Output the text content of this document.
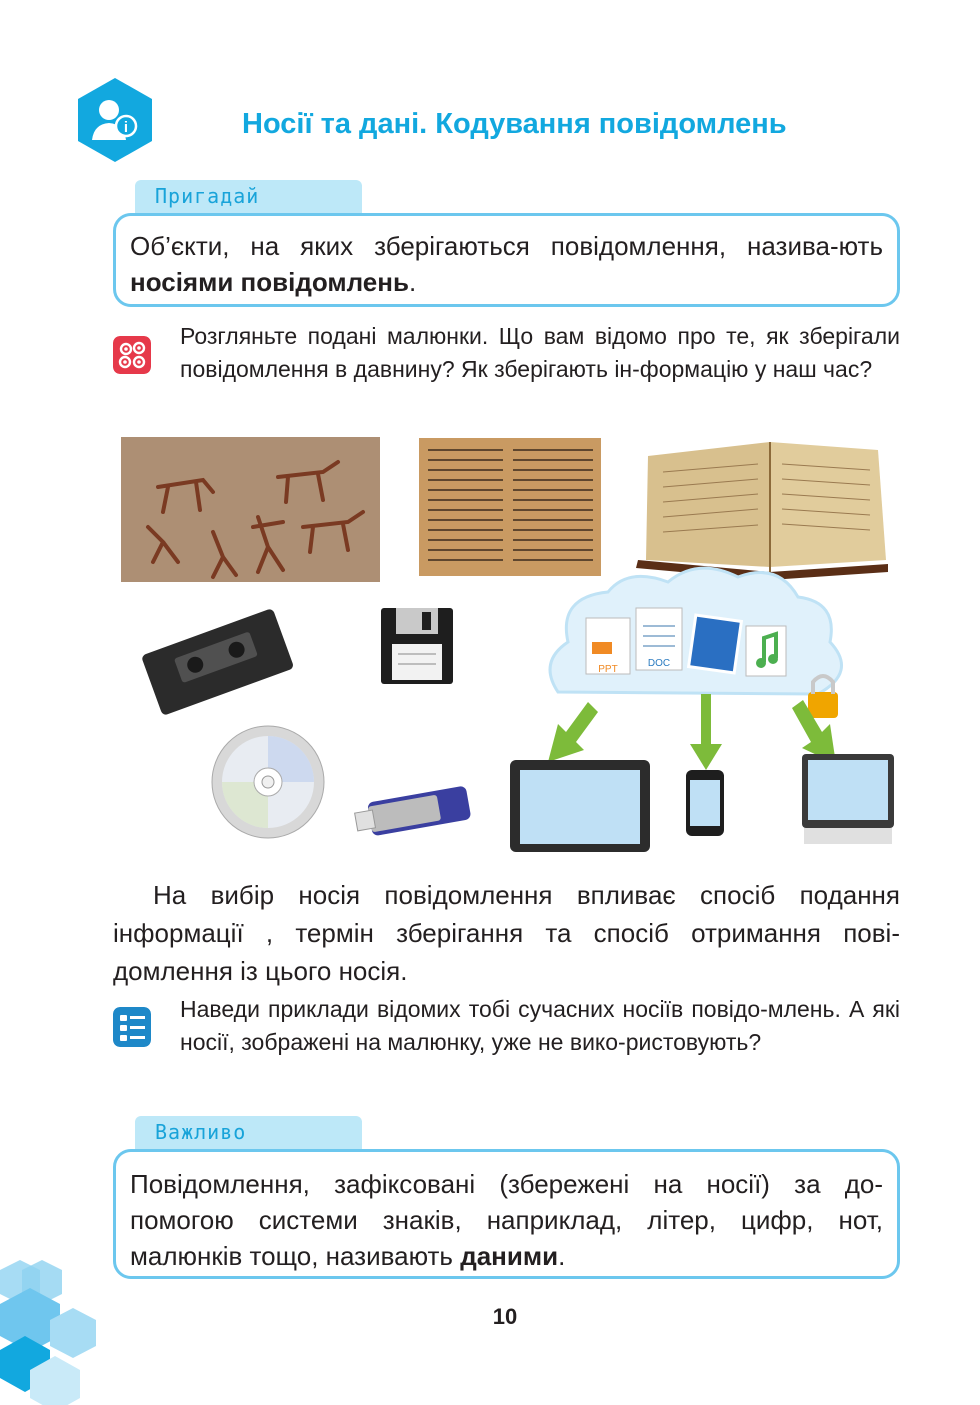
i	Носії та дані. Кодування повідомлень
Пригадай
Об’єкти, на яких зберігаються повідомлення, назива-ють носіями повідомлень.
Розгляньте подані малюнки. Що вам відомо про те, як зберігали повідомлення в давнину? Як зберігають ін-формацію у наш час?
PPT
DOC
На вибір носія повідомлення впливає спосіб подання інформації , термін зберігання та спосіб отримання пові-домлення із цього носія.
Наведи приклади відомих тобі сучасних носіїв повідо-млень. А які носії, зображені на малюнку, уже не вико-ристовують?
Важливо
Повідомлення, зафіксовані (збережені на носії) за до-помогою системи знаків, наприклад, літер, цифр, нот, малюнків тощо, називають даними.
10
